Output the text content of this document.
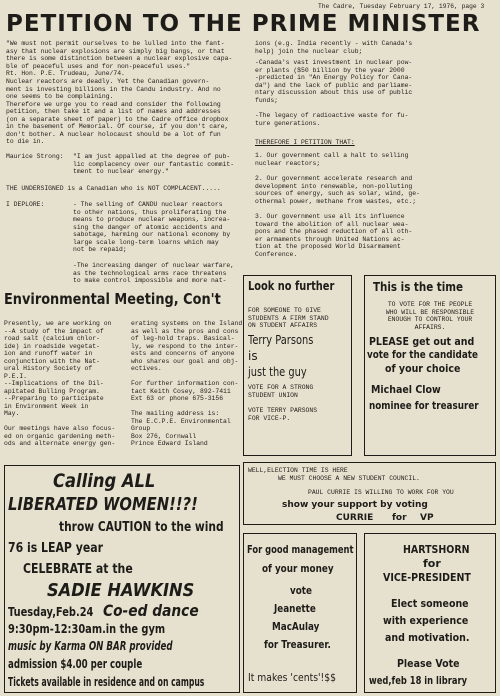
The Cadre, Tuesday February 17, 1976, page 3
PETITION TO THE PRIME MINISTER
"We must not permit ourselves to be lulled into the fant-
asy that nuclear explosions are simply big bangs, or that
there is some distinction between a nuclear explosive capa-
ble of peaceful uses and for non-peaceful uses."
Rt. Hon. P.E. Trudeau, June/74.
Nuclear reactors are deadly. Yet the Canadian govern-
ment is investing billions in the Candu industry. And no
one seems to be complaining.
Therefore we urge you to read and consider the following
petition, then take it and a list of names and addresses
(on a separate sheet of paper) to the Cadre office dropbox
in the basement of Memorial. Of course, if you don't care,
don't bother. A nuclear holocaust should be a lot of fun
to die in.
Maurice Strong: "I am just appalled at the degree of pub-
lic complacency over our fantastic commit-
tment to nuclear energy."
THE UNDERSIGNED is a Canadian who is NOT COMPLACENT.....
I DEPLORE:	- The selling of CANDU nuclear reactors
to other nations, thus proliferating the
means to produce nuclear weapons, increa-
sing the danger of atomic accidents and
sabotage, harming our national economy by
large scale long-term loarns which may
not be repaid;
-The increasing danger of nuclear warfare,
as the technological arms race threatens
to make control impossible and more nat-
ions (e.g. India recently - with Canada's
help) join the nuclear club;
-Canada's vast investment in nuclear pow-
er plants ($50 billion by the year 2000
-predicted in "An Energy Policy for Cana-
da") and the lack of public and parliame-
ntary discussion about this use of public
funds;
-The legacy of radioactive waste for fu-
ture generations.
THEREFORE I PETITION THAT:
1. Our government call a halt to selling
nuclear reactors;
2. Our government accelerate research and
development into renewable, non-polluting
sources of energy, such as solar, wind, ge-
othermal power, methane from wastes, etc.;
3. Our government use all its influence
toward the abolition of all nuclear wea-
pons and the phased reduction of all oth-
er armaments through United Nations ac-
tion at the proposed World Disarmament
Conference.
Environmental Meeting, Con't
Presently, we are working on
--A study of the impact of
road salt (calcium chlor-
ide) in roadside vegetat-
ion and runoff water in
conjunction with the Nat-
ural History Society of
P.E.I.
--Implications of the Dil-
apitated Bulling Program.
--Preparing to participate
in Environment Week in
May.

Our meetings have also focus-
ed on organic gardening meth-
ods and alternate energy gen-
erating systems on the Island
as well as the pros and cons
of leg-hold traps. Basical-
ly, we respond to the inter-
ests and concerns of anyone
who shares our goal and obj-
ectives.

For further information con-
tact Keith Cosey, 892-7411
Ext 63 or phone 675-3156

The mailing address is:
The E.C.P.E. Environmental
Group
Box 276, Cornwall
Prince Edward Island
Look no further
FOR SOMEONE TO GIVE
STUDENTS A FIRM STAND
ON STUDENT AFFAIRS
Terry Parsons
is
just the guy
VOTE FOR A STRONG
STUDENT UNION
VOTE TERRY PARSONS
FOR VICE-P.
This is the time
TO VOTE FOR THE PEOPLE
WHO WILL BE RESPONSIBLE
ENOUGH TO CONTROL YOUR
AFFAIRS.
PLEASE get out and
vote for the candidate
of your choice
Michael Clow
nominee for treasurer
WELL,ELECTION TIME IS HERE
WE MUST CHOOSE A NEW STUDENT COUNCIL.
PAUL CURRIE IS WILLING TO WORK FOR YOU
show your support by voting
CURRIE for VP
Calling ALL
LIBERATED WOMEN!!?!
throw CAUTION to the wind
76 is LEAP year
CELEBRATE at the
SADIE HAWKINS
Tuesday,Feb.24 Co-ed dance
9:30pm-12:30am.in the gym
music by Karma ON BAR provided
admission $4.00 per couple
Tickets available in residence and on campus
For good management
of your money
vote
Jeanette
MacAulay
for Treasurer.
It makes 'cents'!$$
HARTSHORN
for
VICE-PRESIDENT
Elect someone
with experience
and motivation.
Please Vote
wed,feb 18 in library
